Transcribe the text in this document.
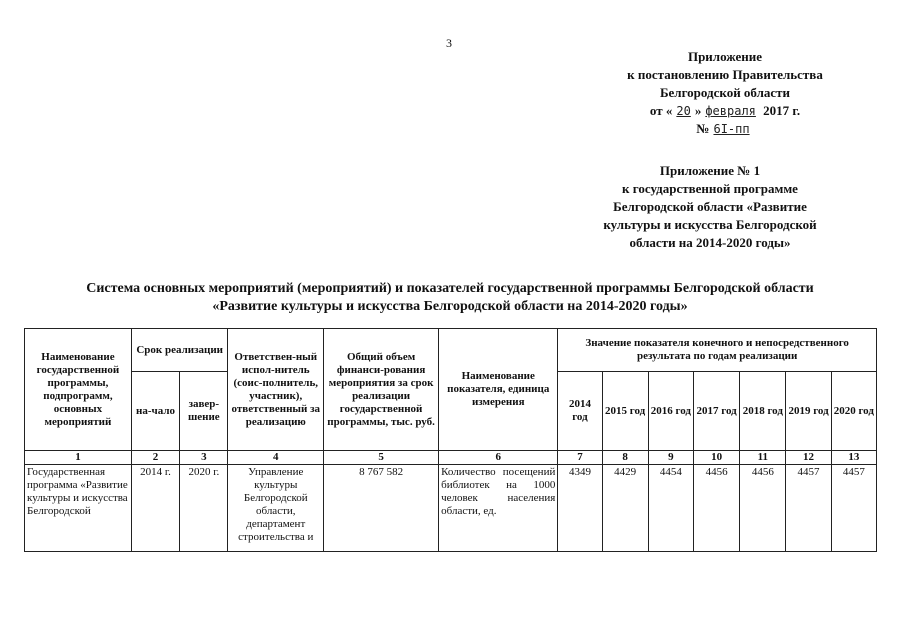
3
Приложение
к постановлению Правительства
Белгородской области
от « 20 » февраля 2017 г.
№ 6I-пп
Приложение № 1
к государственной программе
Белгородской области «Развитие
культуры и искусства Белгородской
области на 2014-2020 годы»
Система основных мероприятий (мероприятий) и показателей государственной программы Белгородской области
«Развитие культуры и искусства Белгородской области на 2014-2020 годы»
Наименование государственной программы, подпрограмм, основных мероприятий	Срок реализации		Ответствен-ный испол-нитель (соис-полнитель, участник), ответственный за реализацию	Общий объем финанси-рования мероприятия за срок реализации государственной программы, тыс. руб.	Наименование показателя, единица измерения	Значение показателя конечного и непосредственного результата по годам реализации						
	на-чало	завер-шение				2014 год	2015 год	2016 год	2017 год	2018 год	2019 год	2020 год
1	2	3	4	5	6	7	8	9	10	11	12	13
Государственная программа «Развитие культуры и искусства Белгородской	2014 г.	2020 г.	Управление культуры Белгородской области, департамент строительства и	8 767 582	Количество посещений библиотек на 1000 человек населения области, ед.	4349	4429	4454	4456	4456	4457	4457
